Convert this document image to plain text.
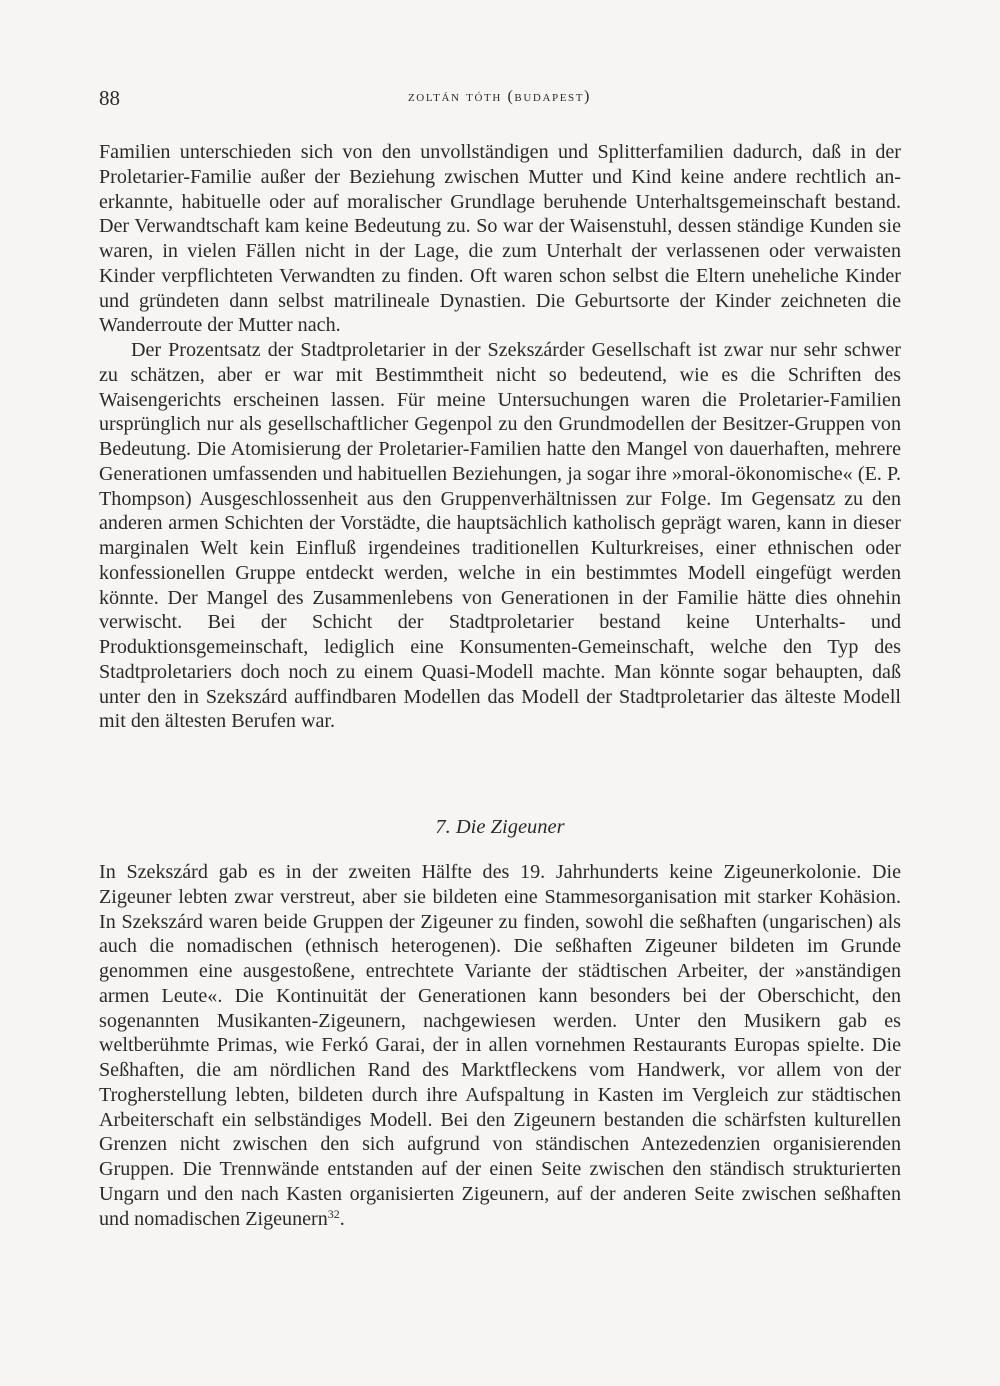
88	zoltán tóth (budapest)

Familien unterschieden sich von den unvollständigen und Splitterfamilien dadurch, daß in der Proletarier-Familie außer der Beziehung zwischen Mutter und Kind keine andere rechtlich anerkannte, habituelle oder auf moralischer Grundlage beruhende Unterhaltsgemeinschaft bestand. Der Verwandtschaft kam keine Bedeutung zu. So war der Waisenstuhl, dessen ständige Kunden sie waren, in vielen Fällen nicht in der Lage, die zum Unterhalt der verlassenen oder verwaisten Kinder verpflichteten Verwandten zu finden. Oft waren schon selbst die Eltern uneheliche Kinder und gründeten dann selbst matrilineale Dynastien. Die Geburtsorte der Kinder zeichneten die Wanderroute der Mutter nach.

Der Prozentsatz der Stadtproletarier in der Szekszárder Gesellschaft ist zwar nur sehr schwer zu schätzen, aber er war mit Bestimmtheit nicht so bedeutend, wie es die Schriften des Waisengerichts erscheinen lassen. Für meine Untersuchungen waren die Proletarier-Familien ursprünglich nur als gesellschaftlicher Gegenpol zu den Grundmodellen der Besitzer-Gruppen von Bedeutung. Die Atomisierung der Proletarier-Familien hatte den Mangel von dauerhaften, mehrere Generationen umfassenden und habituellen Beziehungen, ja sogar ihre »moral-ökonomische« (E. P. Thompson) Ausgeschlossenheit aus den Gruppenverhältnissen zur Folge. Im Gegensatz zu den anderen armen Schichten der Vorstädte, die hauptsächlich katholisch geprägt waren, kann in dieser marginalen Welt kein Einfluß irgendeines traditionellen Kulturkreises, einer ethnischen oder konfessionellen Gruppe entdeckt werden, welche in ein bestimmtes Modell eingefügt werden könnte. Der Mangel des Zusammenlebens von Generationen in der Familie hätte dies ohnehin verwischt. Bei der Schicht der Stadtproletarier bestand keine Unterhalts- und Produktionsgemeinschaft, lediglich eine Konsumenten-Gemeinschaft, welche den Typ des Stadtproletariers doch noch zu einem Quasi-Modell machte. Man könnte sogar behaupten, daß unter den in Szekszárd auffindbaren Modellen das Modell der Stadtproletarier das älteste Modell mit den ältesten Berufen war.

7. Die Zigeuner

In Szekszárd gab es in der zweiten Hälfte des 19. Jahrhunderts keine Zigeunerkolonie. Die Zigeuner lebten zwar verstreut, aber sie bildeten eine Stammesorganisation mit starker Kohäsion. In Szekszárd waren beide Gruppen der Zigeuner zu finden, sowohl die seßhaften (ungarischen) als auch die nomadischen (ethnisch heterogenen). Die seßhaften Zigeuner bildeten im Grunde genommen eine ausgestoßene, entrechtete Variante der städtischen Arbeiter, der »anständigen armen Leute«. Die Kontinuität der Generationen kann besonders bei der Oberschicht, den sogenannten Musikanten-Zigeunern, nachgewiesen werden. Unter den Musikern gab es weltberühmte Primas, wie Ferkó Garai, der in allen vornehmen Restaurants Europas spielte. Die Seßhaften, die am nördlichen Rand des Marktfleckens vom Handwerk, vor allem von der Trogherstellung lebten, bildeten durch ihre Aufspaltung in Kasten im Vergleich zur städtischen Arbeiterschaft ein selbständiges Modell. Bei den Zigeunern bestanden die schärfsten kulturellen Grenzen nicht zwischen den sich aufgrund von ständischen Antezedenzien organisierenden Gruppen. Die Trennwände entstanden auf der einen Seite zwischen den ständisch strukturierten Ungarn und den nach Kasten organisierten Zigeunern, auf der anderen Seite zwischen seßhaften und nomadischen Zigeunern$^{32}$.
